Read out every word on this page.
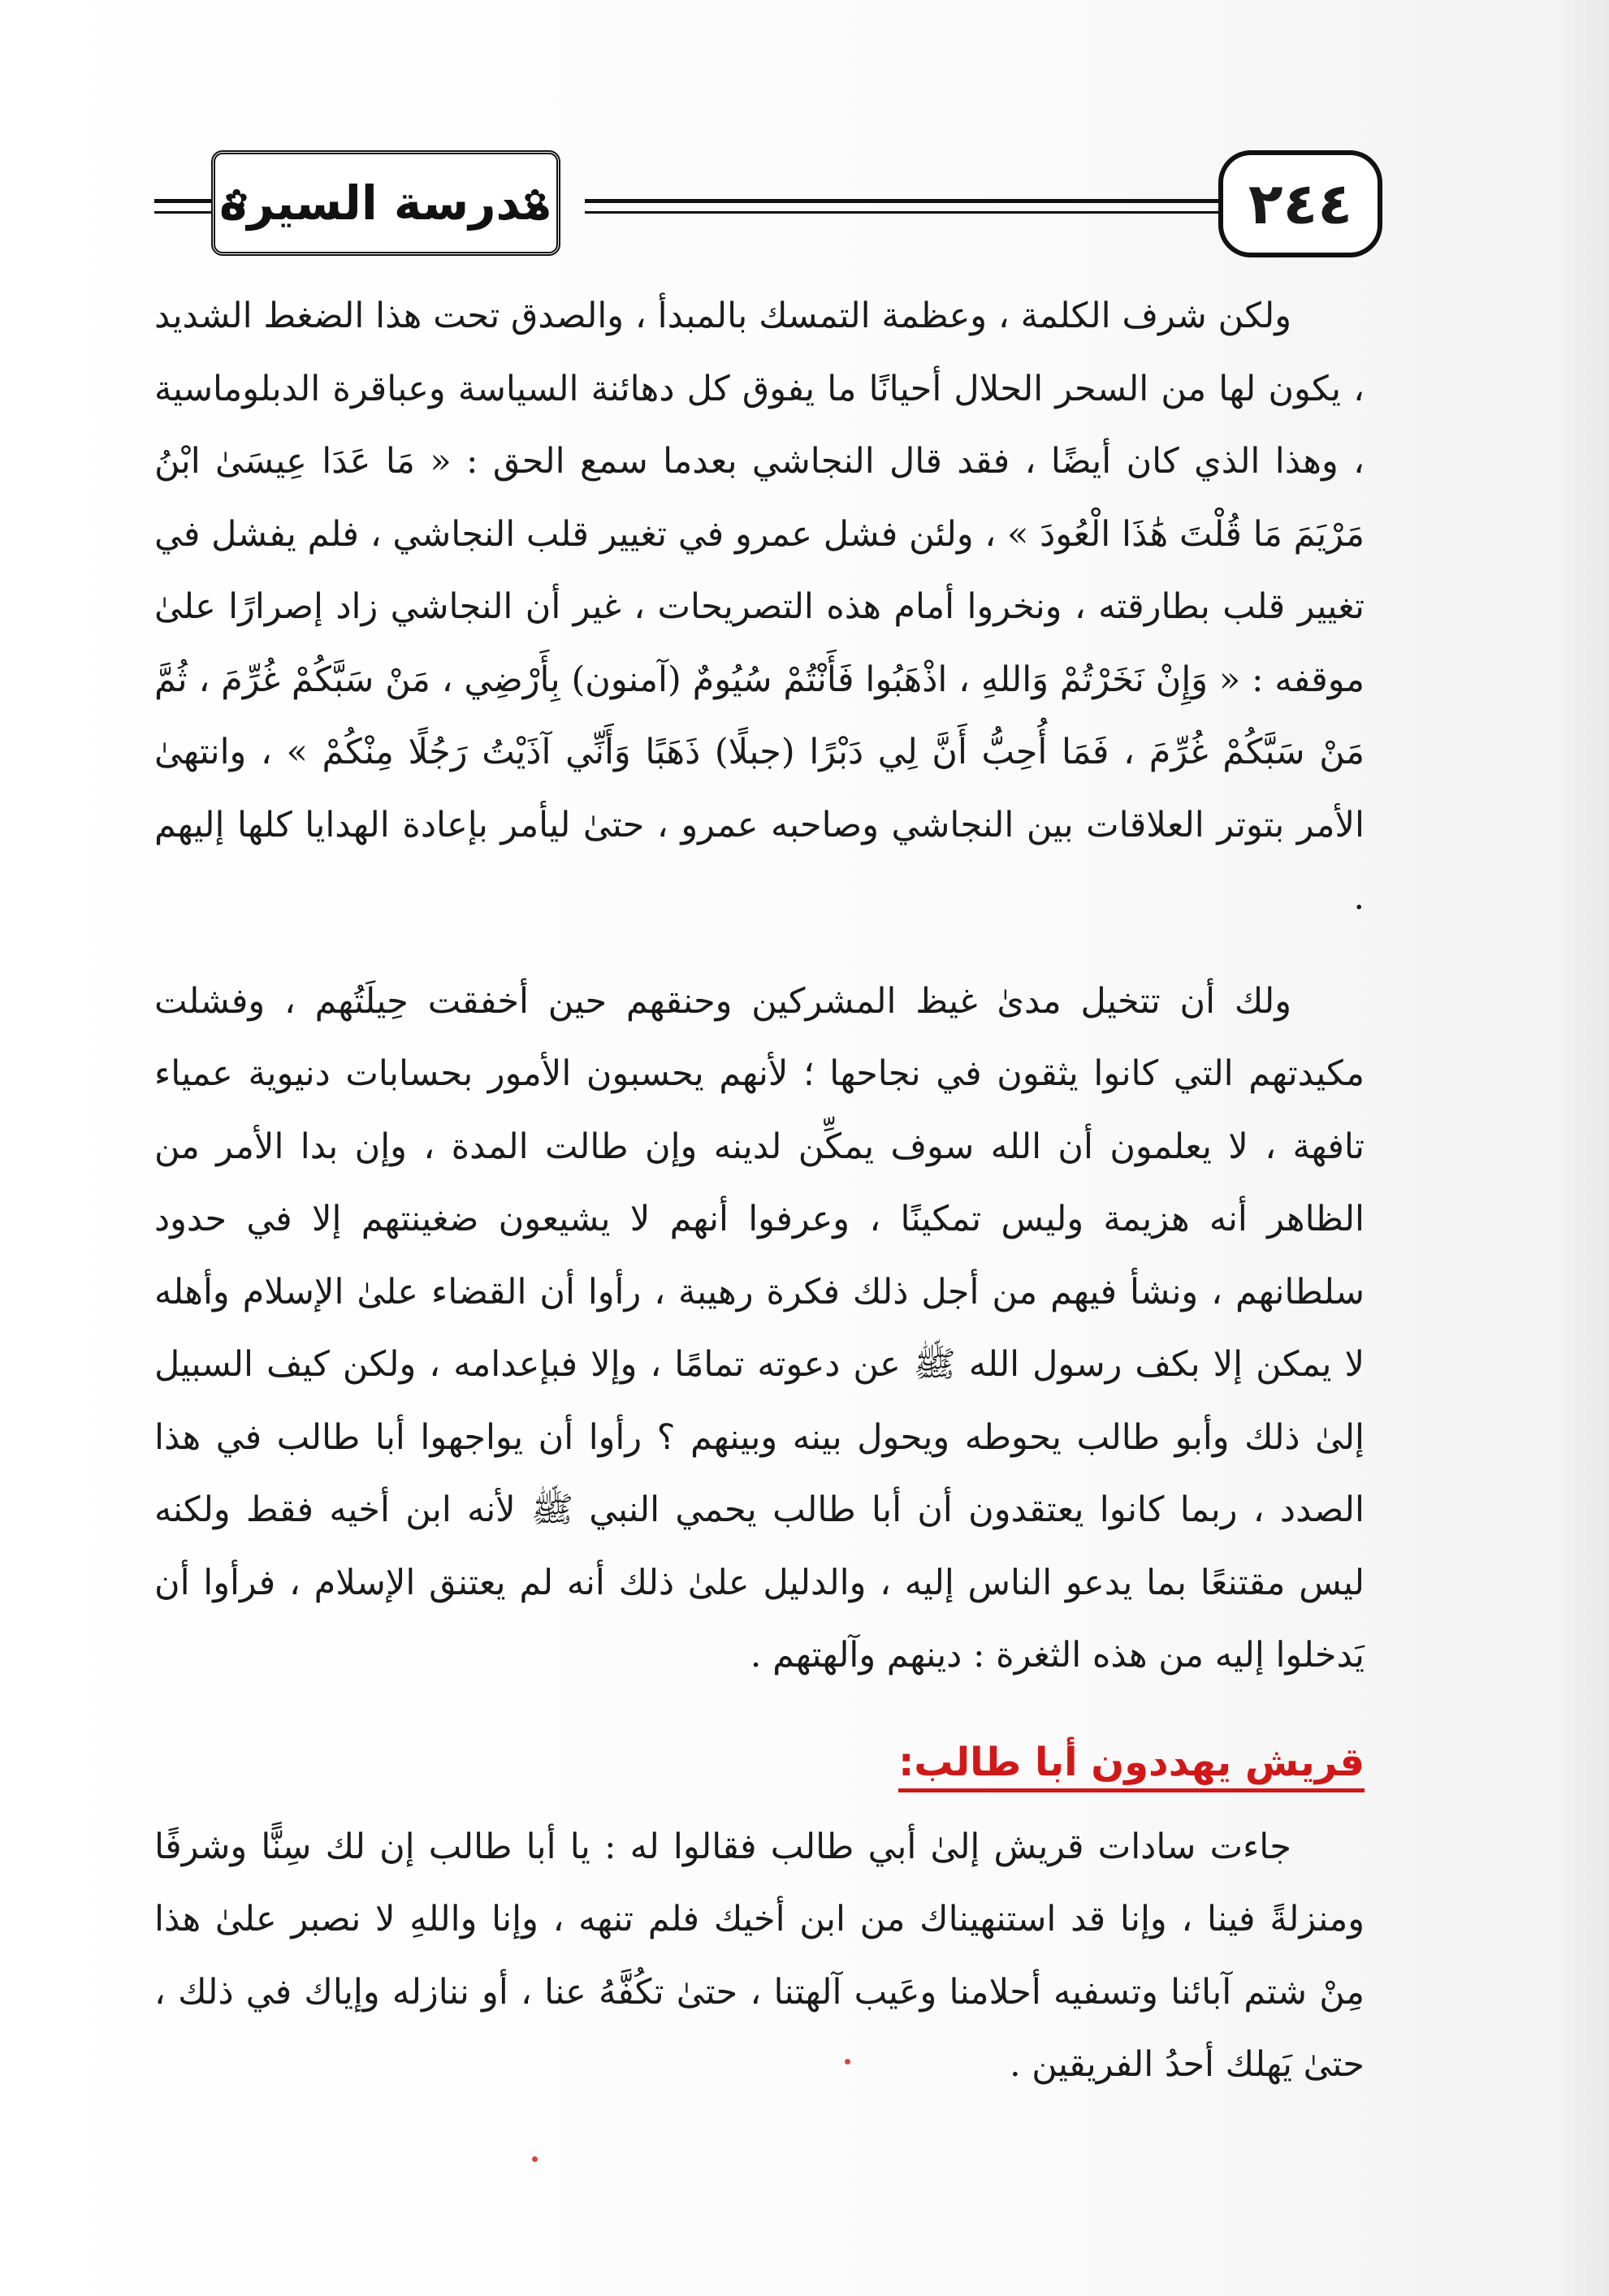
✿ مدرسة السيرة
✿	٢٤٤

ولكن شرف الكلمة ، وعظمة التمسك بالمبدأ ، والصدق تحت هذا الضغط الشديد ، يكون لها من السحر الحلال أحيانًا ما يفوق كل دهائنة السياسة وعباقرة الدبلوماسية ، وهذا الذي كان أيضًا ، فقد قال النجاشي بعدما سمع الحق : « مَا عَدَا عِيسَىٰ ابْنُ مَرْيَمَ مَا قُلْتَ هَٰذَا الْعُودَ » ، ولئن فشل عمرو في تغيير قلب النجاشي ، فلم يفشل في تغيير قلب بطارقته ، ونخروا أمام هذه التصريحات ، غير أن النجاشي زاد إصرارًا علىٰ موقفه : « وَإِنْ نَخَرْتُمْ وَاللهِ ، اذْهَبُوا فَأَنْتُمْ سُيُومٌ (آمنون) بِأَرْضِي ، مَنْ سَبَّكُمْ غُرِّمَ ، ثُمَّ مَنْ سَبَّكُمْ غُرِّمَ ، فَمَا أُحِبُّ أَنَّ لِي دَبْرًا (جبلًا) ذَهَبًا وَأَنِّي آذَيْتُ رَجُلًا مِنْكُمْ » ، وانتهىٰ الأمر بتوتر العلاقات بين النجاشي وصاحبه عمرو ، حتىٰ ليأمر بإعادة الهدايا كلها إليهم .

ولك أن تتخيل مدىٰ غيظ المشركين وحنقهم حين أخفقت حِيلَتُهم ، وفشلت مكيدتهم التي كانوا يثقون في نجاحها ؛ لأنهم يحسبون الأمور بحسابات دنيوية عمياء تافهة ، لا يعلمون أن الله سوف يمكِّن لدينه وإن طالت المدة ، وإن بدا الأمر من الظاهر أنه هزيمة وليس تمكينًا ، وعرفوا أنهم لا يشيعون ضغينتهم إلا في حدود سلطانهم ، ونشأ فيهم من أجل ذلك فكرة رهيبة ، رأوا أن القضاء علىٰ الإسلام وأهله لا يمكن إلا بكف رسول الله ﷺ عن دعوته تمامًا ، وإلا فبإعدامه ، ولكن كيف السبيل إلىٰ ذلك وأبو طالب يحوطه ويحول بينه وبينهم ؟ رأوا أن يواجهوا أبا طالب في هذا الصدد ، ربما كانوا يعتقدون أن أبا طالب يحمي النبي ﷺ لأنه ابن أخيه فقط ولكنه ليس مقتنعًا بما يدعو الناس إليه ، والدليل علىٰ ذلك أنه لم يعتنق الإسلام ، فرأوا أن يَدخلوا إليه من هذه الثغرة : دينهم وآلهتهم .

قريش يهددون أبا طالب:

جاءت سادات قريش إلىٰ أبي طالب فقالوا له : يا أبا طالب إن لك سِنًّا وشرفًا ومنزلةً فينا ، وإنا قد استنهيناك من ابن أخيك فلم تنهه ، وإنا واللهِ لا نصبر علىٰ هذا مِنْ شتم آبائنا وتسفيه أحلامنا وعَيب آلهتنا ، حتىٰ تكُفَّهُ عنا ، أو ننازله وإياك في ذلك ، حتىٰ يَهلك أحدُ الفريقين .
